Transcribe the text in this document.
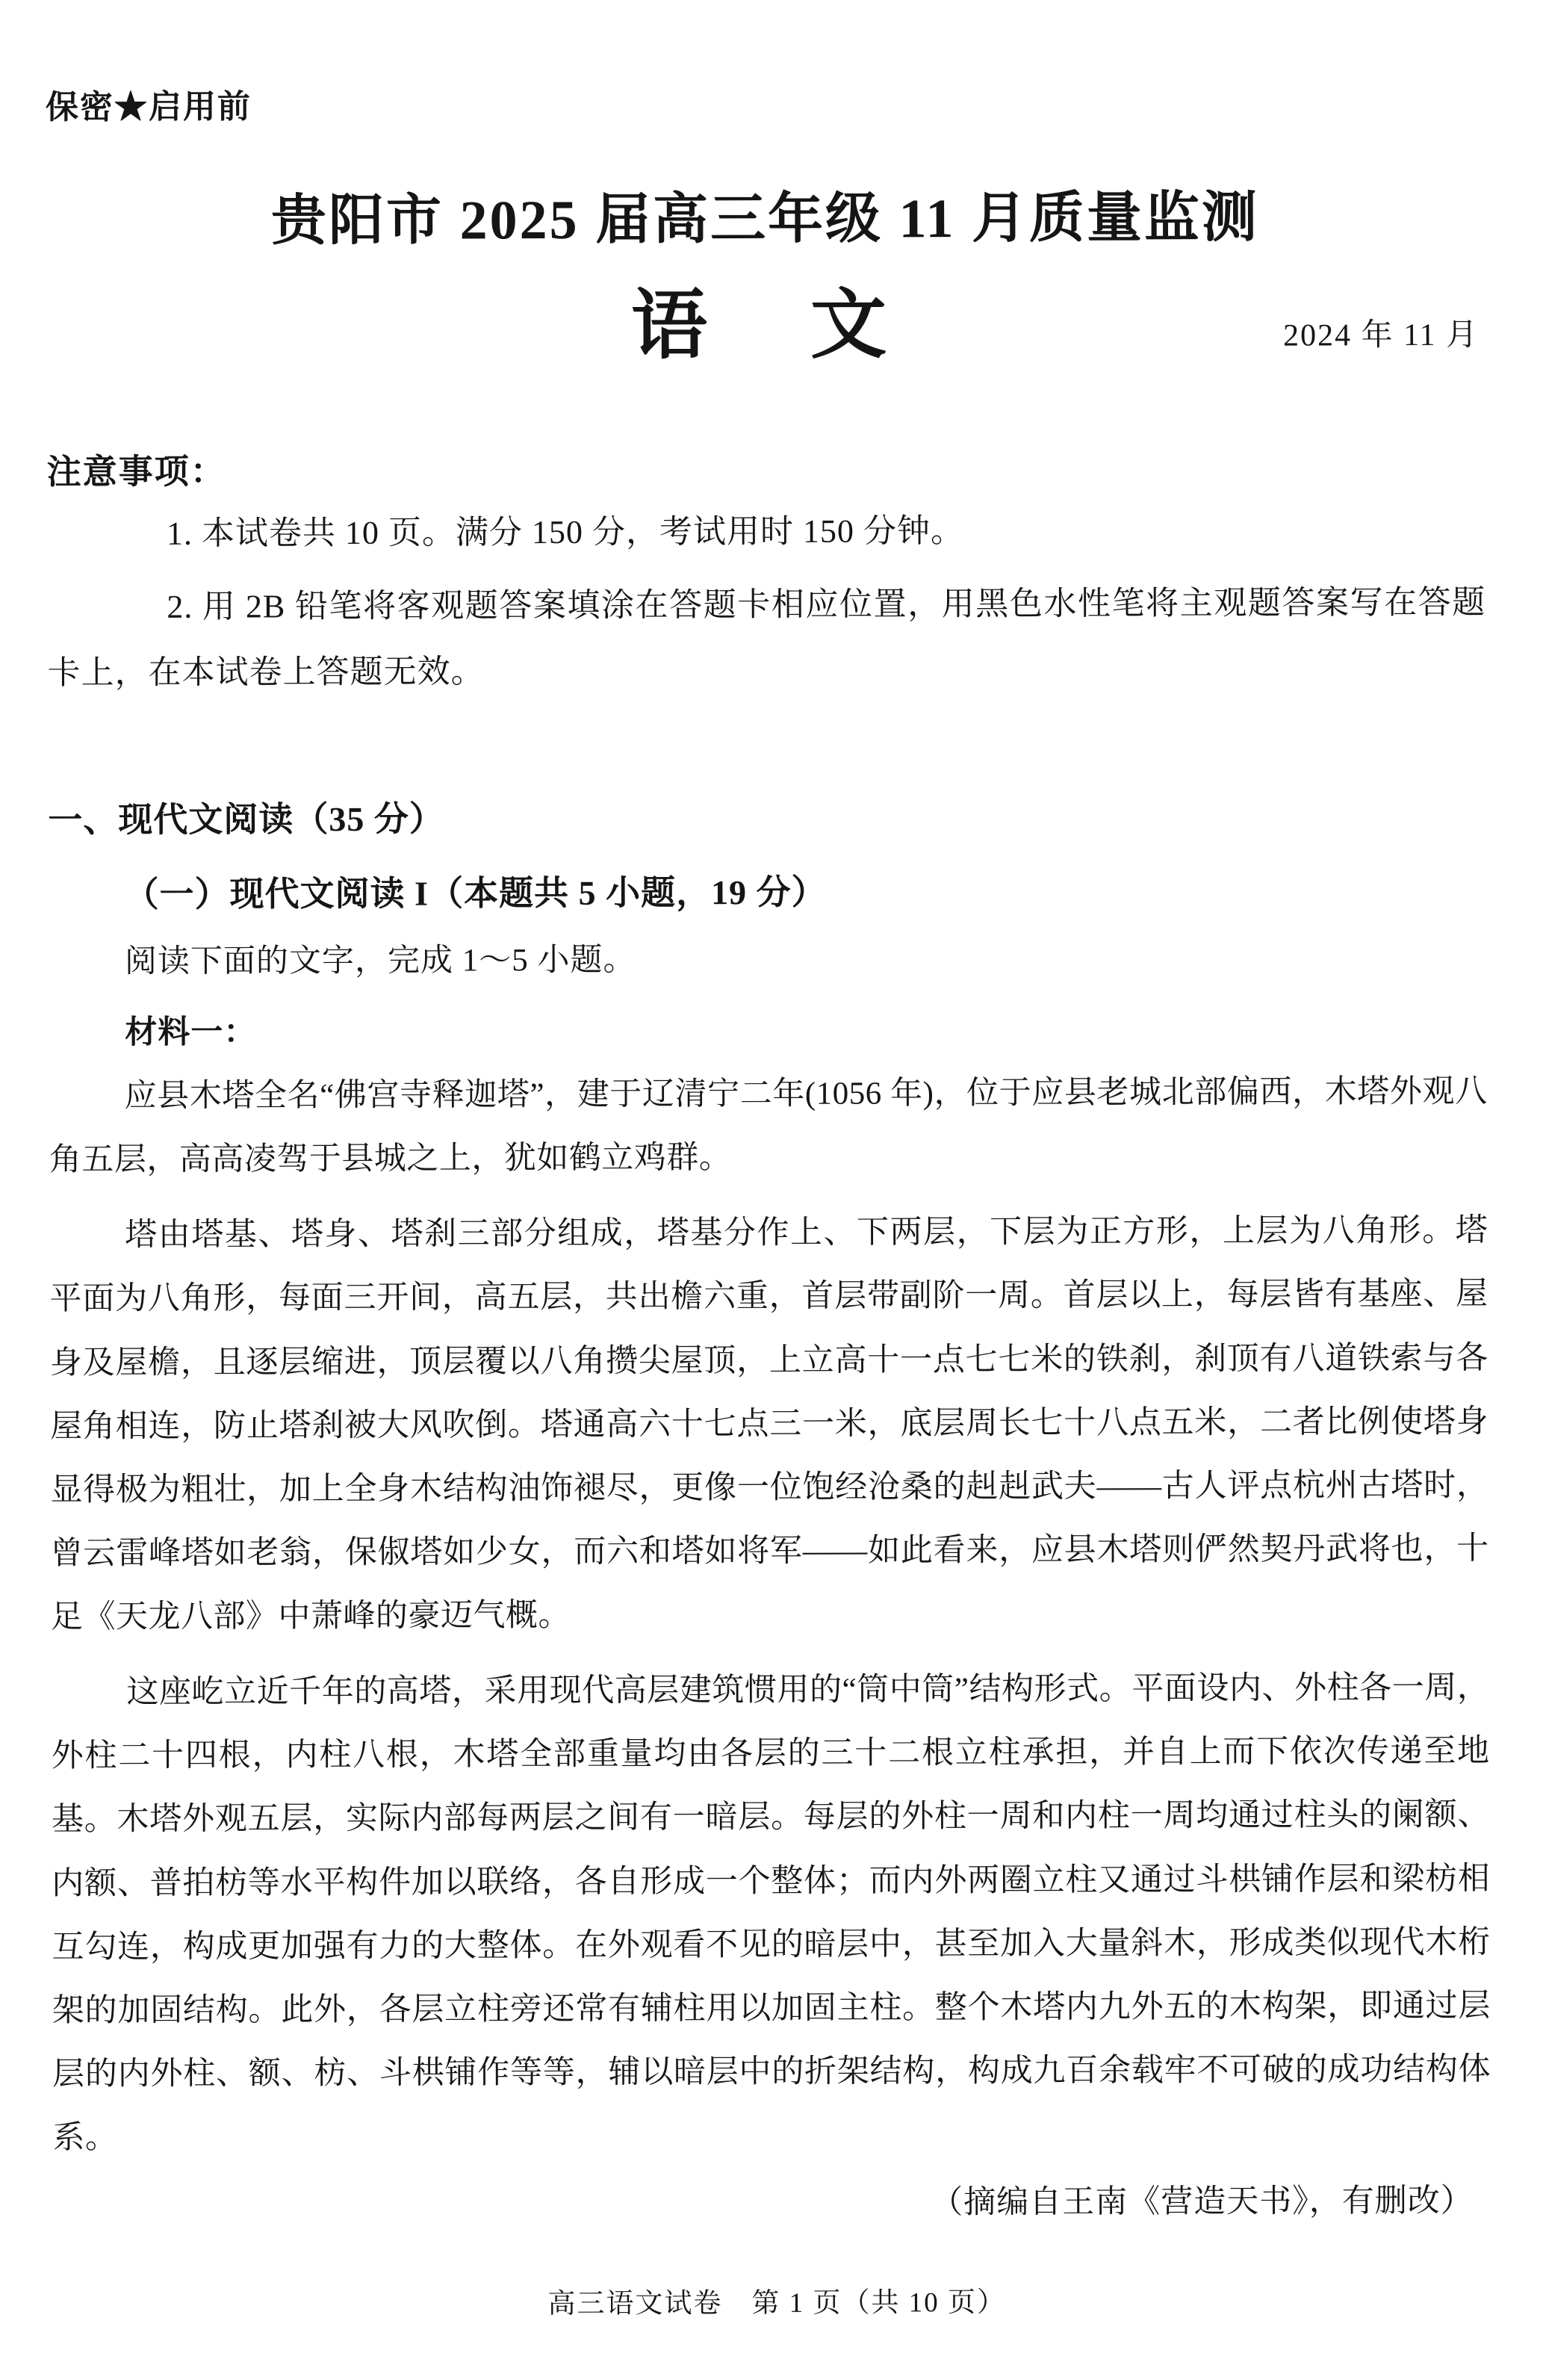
保密★启用前
贵阳市 2025 届高三年级 11 月质量监测
语　文	2024 年 11 月
注意事项：

1. 本试卷共 10 页。满分 150 分，考试用时 150 分钟。

2. 用 2B 铅笔将客观题答案填涂在答题卡相应位置，用黑色水性笔将主观题答案写在答题卡上，在本试卷上答题无效。

一、现代文阅读（35 分）
（一）现代文阅读 I（本题共 5 小题，19 分）
阅读下面的文字，完成 1～5 小题。
材料一：

应县木塔全名“佛宫寺释迦塔”，建于辽清宁二年(1056 年)，位于应县老城北部偏西，木塔外观八角五层，高高凌驾于县城之上，犹如鹤立鸡群。

塔由塔基、塔身、塔刹三部分组成，塔基分作上、下两层，下层为正方形，上层为八角形。塔平面为八角形，每面三开间，高五层，共出檐六重，首层带副阶一周。首层以上，每层皆有基座、屋身及屋檐，且逐层缩进，顶层覆以八角攒尖屋顶，上立高十一点七七米的铁刹，刹顶有八道铁索与各屋角相连，防止塔刹被大风吹倒。塔通高六十七点三一米，底层周长七十八点五米，二者比例使塔身显得极为粗壮，加上全身木结构油饰褪尽，更像一位饱经沧桑的赳赳武夫——古人评点杭州古塔时，曾云雷峰塔如老翁，保俶塔如少女，而六和塔如将军——如此看来，应县木塔则俨然契丹武将也，十足《天龙八部》中萧峰的豪迈气概。

这座屹立近千年的高塔，采用现代高层建筑惯用的“筒中筒”结构形式。平面设内、外柱各一周，外柱二十四根，内柱八根，木塔全部重量均由各层的三十二根立柱承担，并自上而下依次传递至地基。木塔外观五层，实际内部每两层之间有一暗层。每层的外柱一周和内柱一周均通过柱头的阑额、内额、普拍枋等水平构件加以联络，各自形成一个整体；而内外两圈立柱又通过斗栱铺作层和梁枋相互勾连，构成更加强有力的大整体。在外观看不见的暗层中，甚至加入大量斜木，形成类似现代木桁架的加固结构。此外，各层立柱旁还常有辅柱用以加固主柱。整个木塔内九外五的木构架，即通过层层的内外柱、额、枋、斗栱铺作等等，辅以暗层中的折架结构，构成九百余载牢不可破的成功结构体系。

（摘编自王南《营造天书》，有删改）

高三语文试卷　第 1 页（共 10 页）
